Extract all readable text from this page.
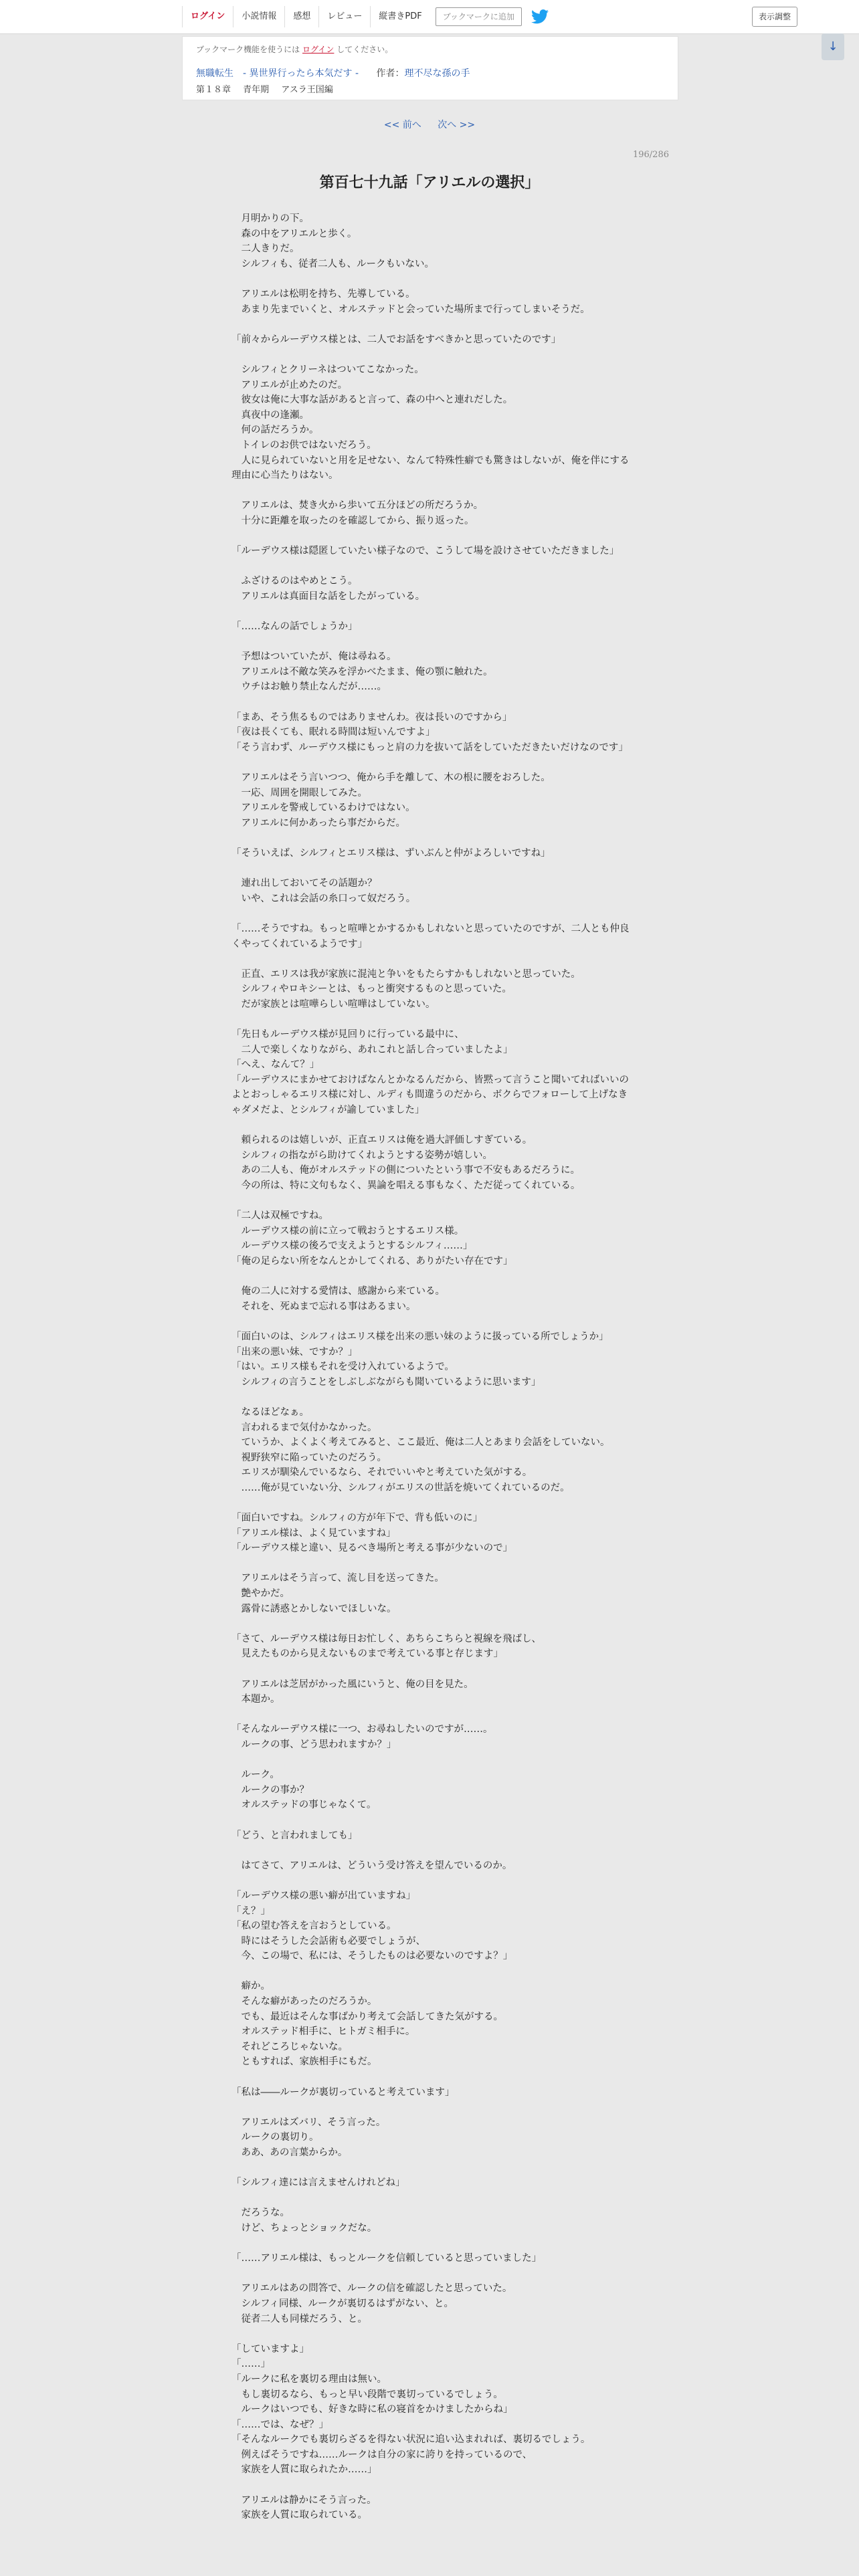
ログイン	小説情報	感想	レビュー	縦書きPDF	ブックマークに追加	表示調整
↓
ブックマーク機能を使うには ログイン してください。
無職転生　- 異世界行ったら本気だす - 作者：理不尽な孫の手
第１８章 青年期 アスラ王国編
<< 前へ 次へ >>
196/286
第百七十九話「アリエルの選択」

　月明かりの下。

　森の中をアリエルと歩く。

　二人きりだ。

　シルフィも、従者二人も、ルークもいない。

　アリエルは松明を持ち、先導している。

　あまり先までいくと、オルステッドと会っていた場所まで行ってしまいそうだ。

「前々からルーデウス様とは、二人でお話をすべきかと思っていたのです」

　シルフィとクリーネはついてこなかった。

　アリエルが止めたのだ。

　彼女は俺に大事な話があると言って、森の中へと連れだした。

　真夜中の逢瀬。

　何の話だろうか。

　トイレのお供ではないだろう。

　人に見られていないと用を足せない、なんて特殊性癖でも驚きはしないが、俺を伴にする理由に心当たりはない。

　アリエルは、焚き火から歩いて五分ほどの所だろうか。

　十分に距離を取ったのを確認してから、振り返った。

「ルーデウス様は隠匿していたい様子なので、こうして場を設けさせていただきました」

　ふざけるのはやめとこう。

　アリエルは真面目な話をしたがっている。

「……なんの話でしょうか」

　予想はついていたが、俺は尋ねる。

　アリエルは不敵な笑みを浮かべたまま、俺の顎に触れた。

　ウチはお触り禁止なんだが……。

「まあ、そう焦るものではありませんわ。夜は長いのですから」

「夜は長くても、眠れる時間は短いんですよ」

「そう言わず、ルーデウス様にもっと肩の力を抜いて話をしていただきたいだけなのです」

　アリエルはそう言いつつ、俺から手を離して、木の根に腰をおろした。

　一応、周囲を開眼してみた。

　アリエルを警戒しているわけではない。

　アリエルに何かあったら事だからだ。

「そういえば、シルフィとエリス様は、ずいぶんと仲がよろしいですね」

　連れ出しておいてその話題か？

　いや、これは会話の糸口って奴だろう。

「……そうですね。もっと喧嘩とかするかもしれないと思っていたのですが、二人とも仲良くやってくれているようです」

　正直、エリスは我が家族に混沌と争いをもたらすかもしれないと思っていた。

　シルフィやロキシーとは、もっと衝突するものと思っていた。

　だが家族とは喧嘩らしい喧嘩はしていない。

「先日もルーデウス様が見回りに行っている最中に、

　二人で楽しくなりながら、あれこれと話し合っていましたよ」

「へえ、なんて？」

「ルーデウスにまかせておけばなんとかなるんだから、皆黙って言うこと聞いてればいいのよとおっしゃるエリス様に対し、ルディも間違うのだから、ボクらでフォローして上げなきゃダメだよ、とシルフィが諭していました」

　頼られるのは嬉しいが、正直エリスは俺を過大評価しすぎている。

　シルフィの指ながら助けてくれようとする姿勢が嬉しい。

　あの二人も、俺がオルステッドの側についたという事で不安もあるだろうに。

　今の所は、特に文句もなく、異論を唱える事もなく、ただ従ってくれている。

「二人は双極ですね。

　ルーデウス様の前に立って戦おうとするエリス様。

　ルーデウス様の後ろで支えようとするシルフィ……」

「俺の足らない所をなんとかしてくれる、ありがたい存在です」

　俺の二人に対する愛情は、感謝から来ている。

　それを、死ぬまで忘れる事はあるまい。

「面白いのは、シルフィはエリス様を出来の悪い妹のように扱っている所でしょうか」

「出来の悪い妹、ですか？」

「はい。エリス様もそれを受け入れているようで。

　シルフィの言うことをしぶしぶながらも聞いているように思います」

　なるほどなぁ。

　言われるまで気付かなかった。

　ていうか、よくよく考えてみると、ここ最近、俺は二人とあまり会話をしていない。

　視野狭窄に陥っていたのだろう。

　エリスが馴染んでいるなら、それでいいやと考えていた気がする。

　……俺が見ていない分、シルフィがエリスの世話を焼いてくれているのだ。

「面白いですね。シルフィの方が年下で、背も低いのに」

「アリエル様は、よく見ていますね」

「ルーデウス様と違い、見るべき場所と考える事が少ないので」

　アリエルはそう言って、流し目を送ってきた。

　艶やかだ。

　露骨に誘惑とかしないでほしいな。

「さて、ルーデウス様は毎日お忙しく、あちらこちらと視線を飛ばし、

　見えたものから見えないものまで考えている事と存じます」

　アリエルは芝居がかった風にいうと、俺の目を見た。

　本題か。

「そんなルーデウス様に一つ、お尋ねしたいのですが……。

　ルークの事、どう思われますか？」

　ルーク。

　ルークの事か？

　オルステッドの事じゃなくて。

「どう、と言われましても」

　はてさて、アリエルは、どういう受け答えを望んでいるのか。

「ルーデウス様の悪い癖が出ていますね」

「え？」

「私の望む答えを言おうとしている。

　時にはそうした会話術も必要でしょうが、

　今、この場で、私には、そうしたものは必要ないのですよ？」

　癖か。

　そんな癖があったのだろうか。

　でも、最近はそんな事ばかり考えて会話してきた気がする。

　オルステッド相手に、ヒトガミ相手に。

　それどころじゃないな。

　ともすれば、家族相手にもだ。

「私は――ルークが裏切っていると考えています」

　アリエルはズバリ、そう言った。

　ルークの裏切り。

　ああ、あの言葉からか。

「シルフィ達には言えませんけれどね」

　だろうな。

　けど、ちょっとショックだな。

「……アリエル様は、もっとルークを信頼していると思っていました」

　アリエルはあの問答で、ルークの信を確認したと思っていた。

　シルフィ同様、ルークが裏切るはずがない、と。

　従者二人も同様だろう、と。

「していますよ」

「……」

「ルークに私を裏切る理由は無い。

　もし裏切るなら、もっと早い段階で裏切っているでしょう。

　ルークはいつでも、好きな時に私の寝首をかけましたからね」

「……では、なぜ？」

「そんなルークでも裏切らざるを得ない状況に追い込まれれば、裏切るでしょう。

　例えばそうですね……ルークは自分の家に誇りを持っているので、

　家族を人質に取られたか……」

　アリエルは静かにそう言った。

　家族を人質に取られている。
